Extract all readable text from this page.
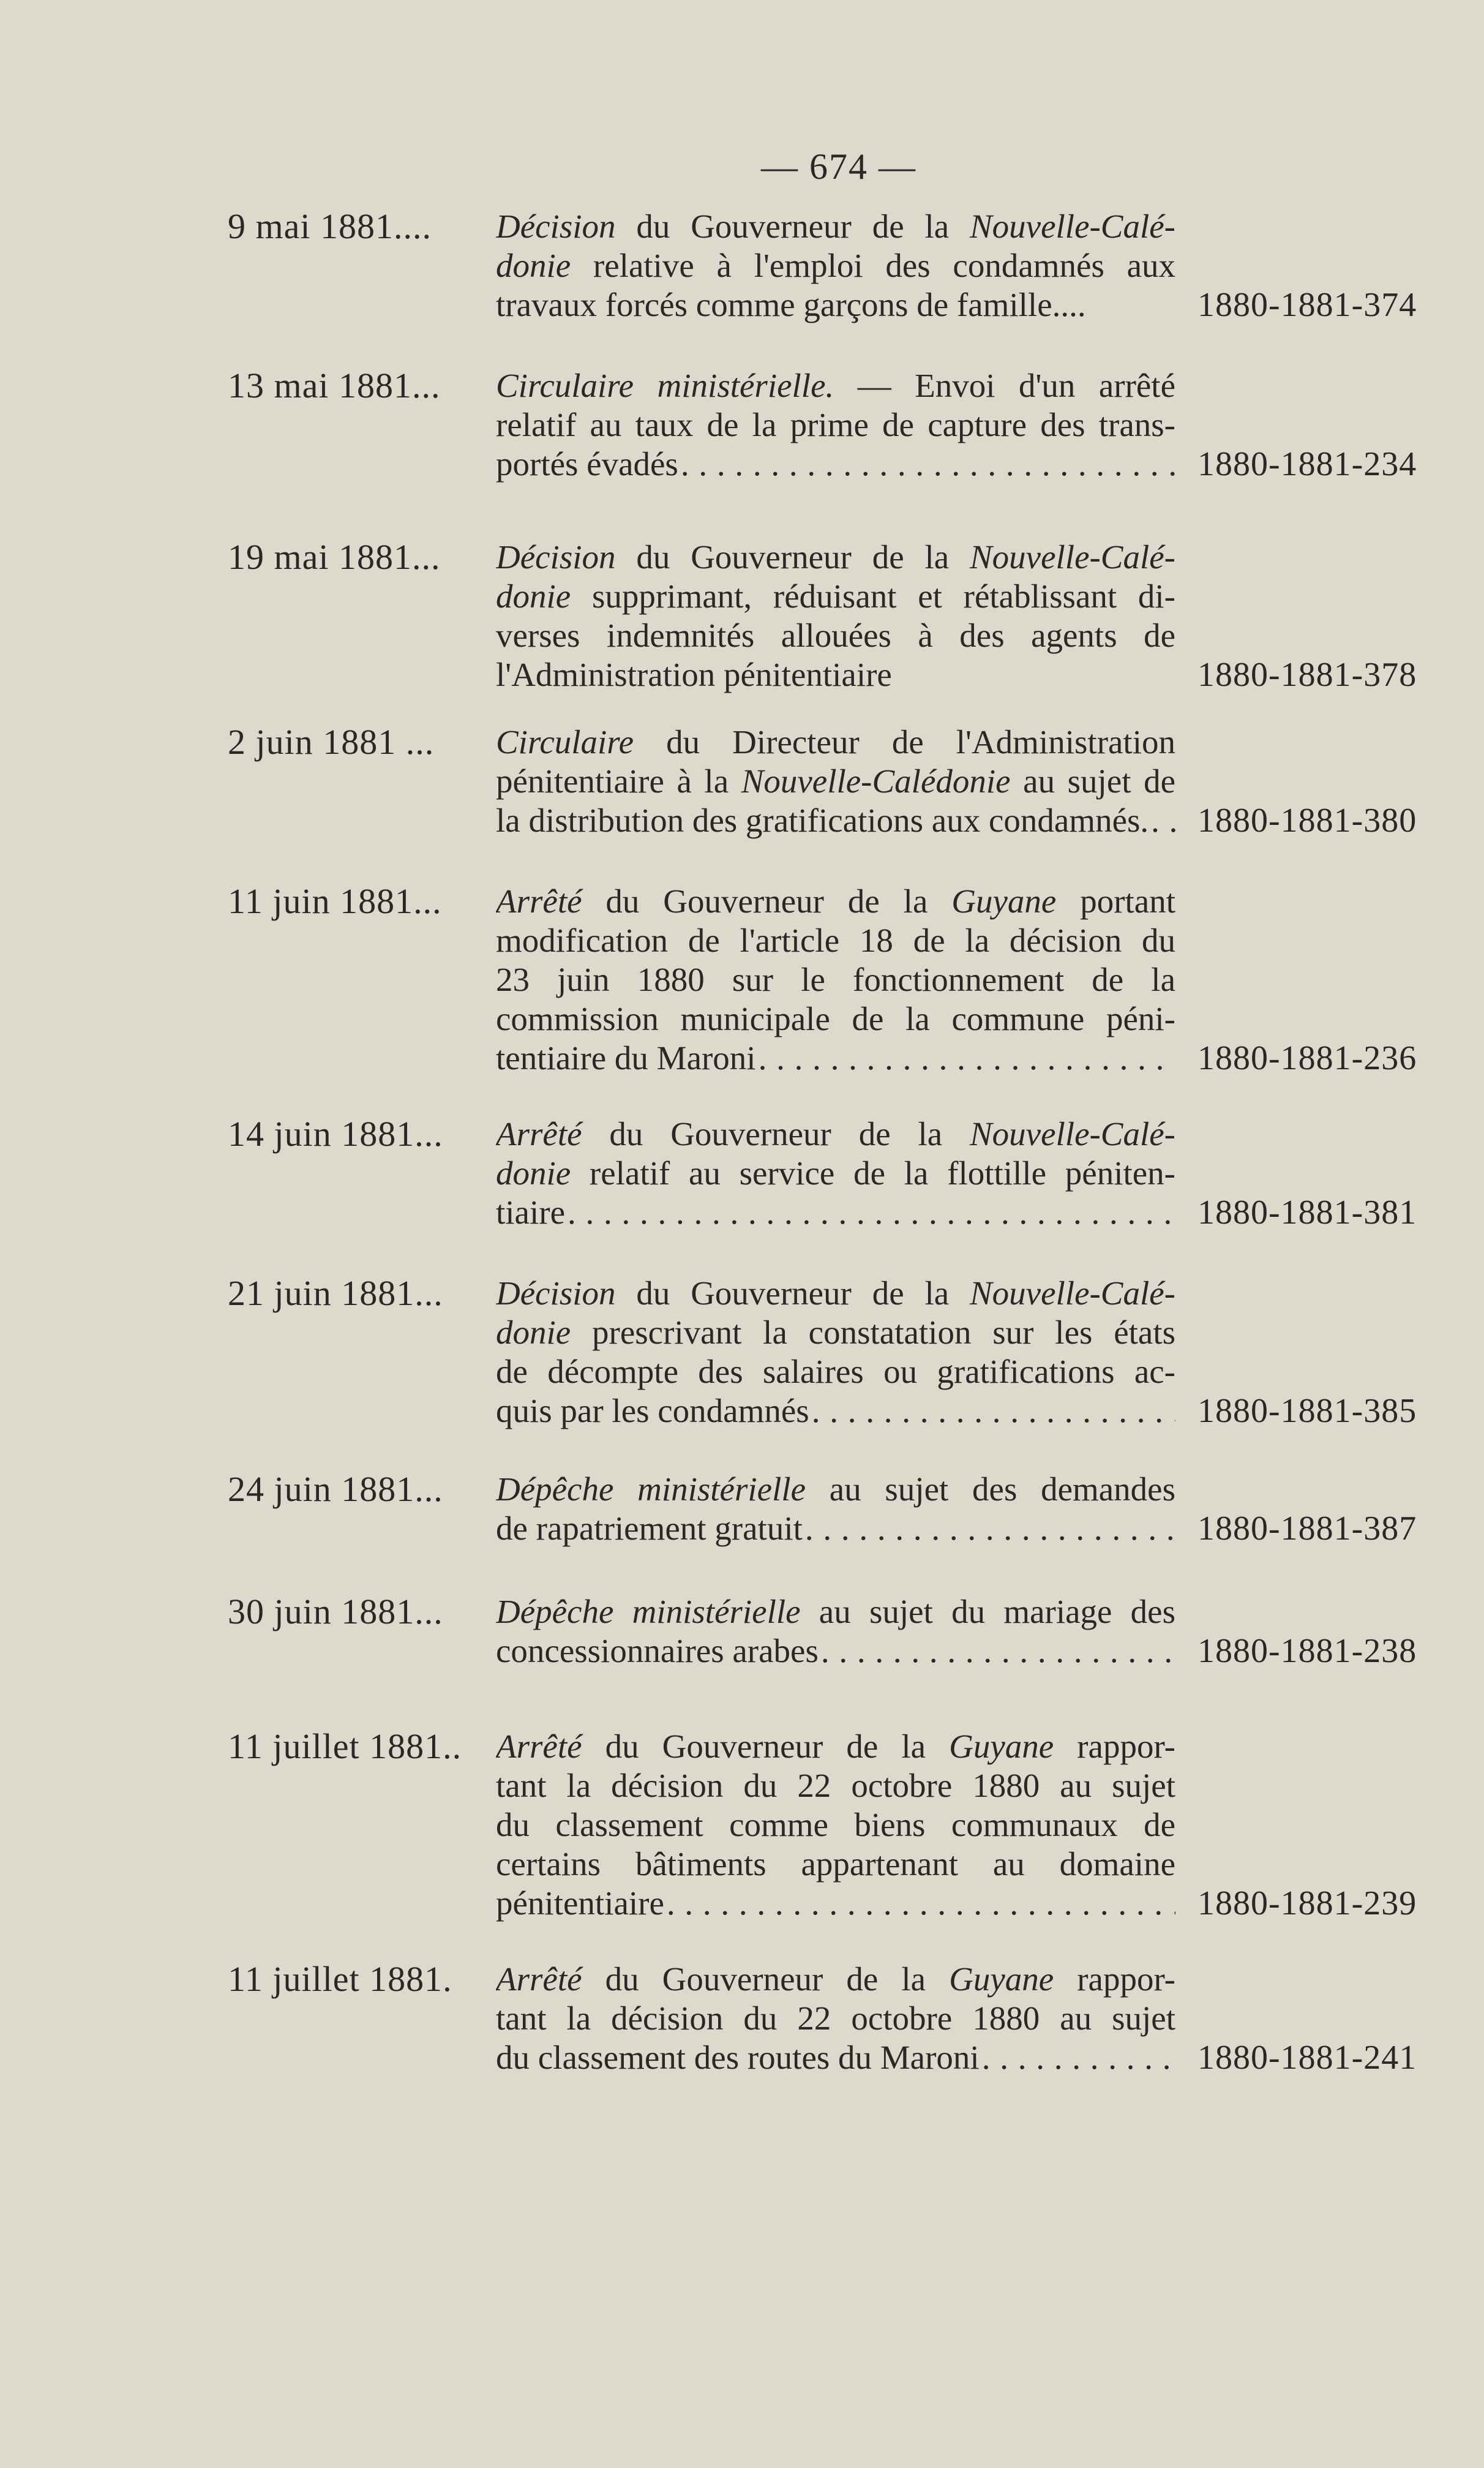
— 674 —
9 mai 1881.... Décision du Gouverneur de la Nouvelle-Calé-
donie relative à l'emploi des condamnés aux
travaux forcés comme garçons de famille....	1880-1881-374
13 mai 1881... Circulaire ministérielle. — Envoi d'un arrêté
relatif au taux de la prime de capture des trans-
portés évadés . . .	1880-1881-234
19 mai 1881... Décision du Gouverneur de la Nouvelle-Calé-
donie supprimant, réduisant et rétablissant di-
verses indemnités allouées à des agents de
l'Administration pénitentiaire	1880-1881-378
2 juin 1881 ... Circulaire du Directeur de l'Administration
pénitentiaire à la Nouvelle-Calédonie au sujet de
la distribution des gratifications aux condamnés. . . . 1880-1881-380
11 juin 1881... Arrêté du Gouverneur de la Guyane portant
modification de l'article 18 de la décision du
23 juin 1880 sur le fonctionnement de la
commission municipale de la commune péni-
tentiaire du Maroni . . .	1880-1881-236
14 juin 1881... Arrêté du Gouverneur de la Nouvelle-Calé-
donie relatif au service de la flottille péniten-
tiaire . . .	1880-1881-381
21 juin 1881... Décision du Gouverneur de la Nouvelle-Calé-
donie prescrivant la constatation sur les états
de décompte des salaires ou gratifications ac-
quis par les condamnés . . .	1880-1881-385
24 juin 1881... Dépêche ministérielle au sujet des demandes
de rapatriement gratuit . . .	1880-1881-387
30 juin 1881... Dépêche ministérielle au sujet du mariage des
concessionnaires arabes . . .	1880-1881-238
11 juillet 1881.. Arrêté du Gouverneur de la Guyane rappor-
tant la décision du 22 octobre 1880 au sujet
du classement comme biens communaux de
certains bâtiments appartenant au domaine
pénitentiaire . . .	1880-1881-239
11 juillet 1881. Arrêté du Gouverneur de la Guyane rappor-
tant la décision du 22 octobre 1880 au sujet
du classement des routes du Maroni . . .	1880-1881-241
